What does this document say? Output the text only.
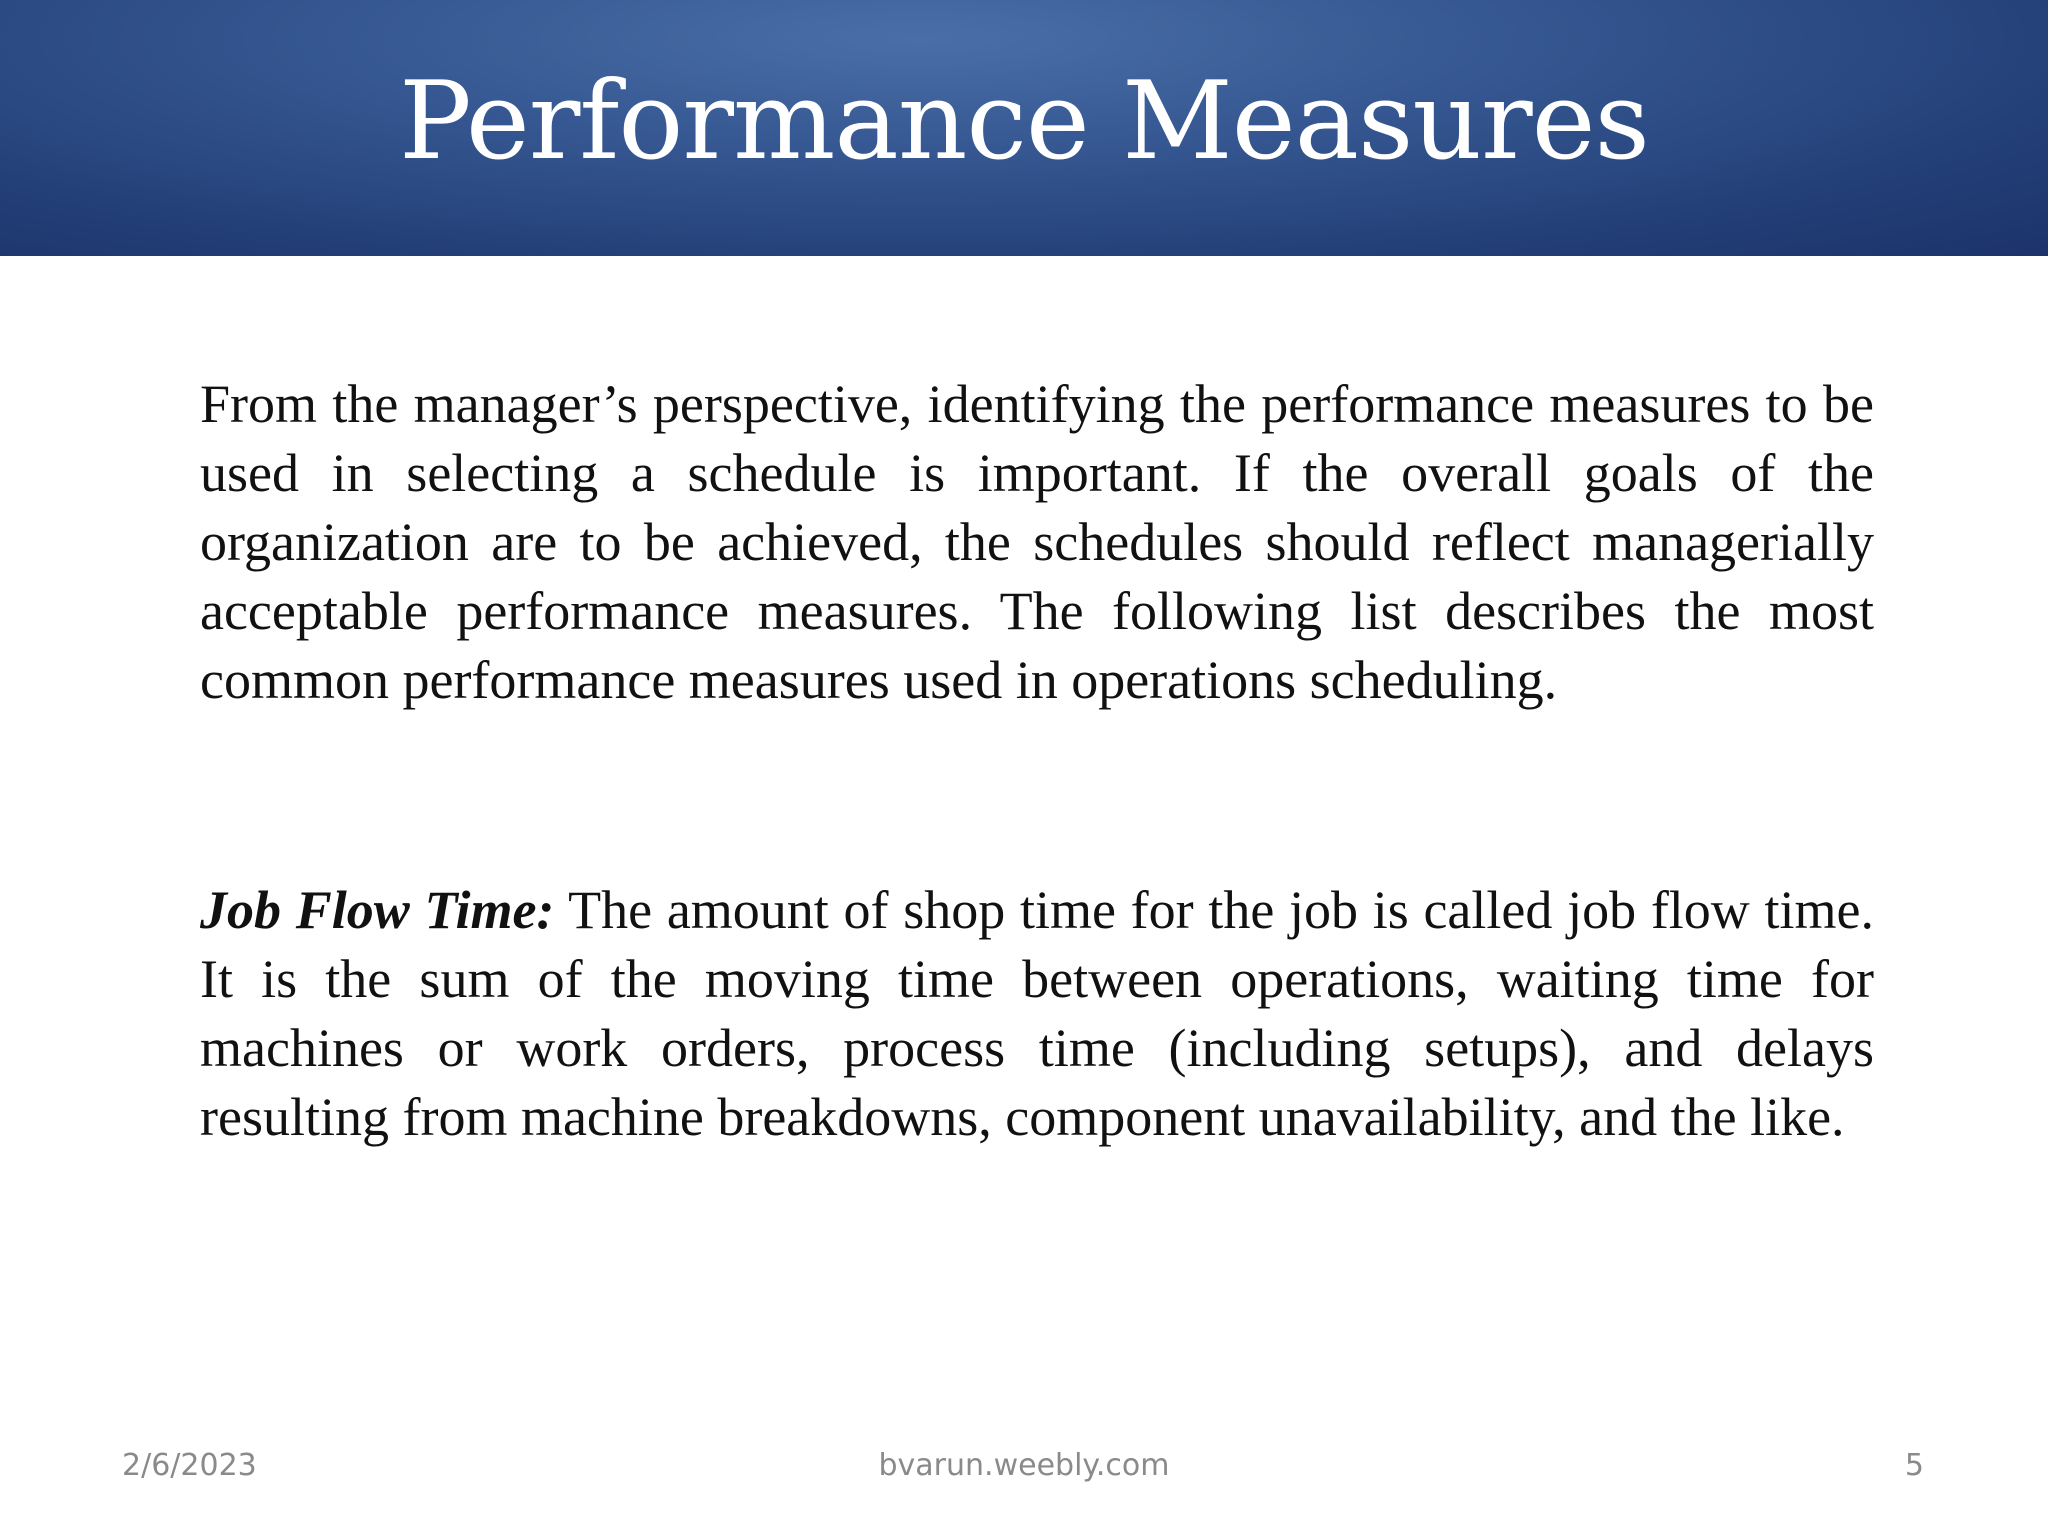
Performance Measures

From the manager’s perspective, identifying the performance measures to be used in selecting a schedule is important. If the overall goals of the organization are to be achieved, the schedules should reflect managerially acceptable performance measures. The following list describes the most common performance measures used in operations scheduling.

Job Flow Time: The amount of shop time for the job is called job flow time. It is the sum of the moving time between operations, waiting time for machines or work orders, process time (including setups), and delays resulting from machine breakdowns, component unavailability, and the like.

2/6/2023	bvarun.weebly.com	5
